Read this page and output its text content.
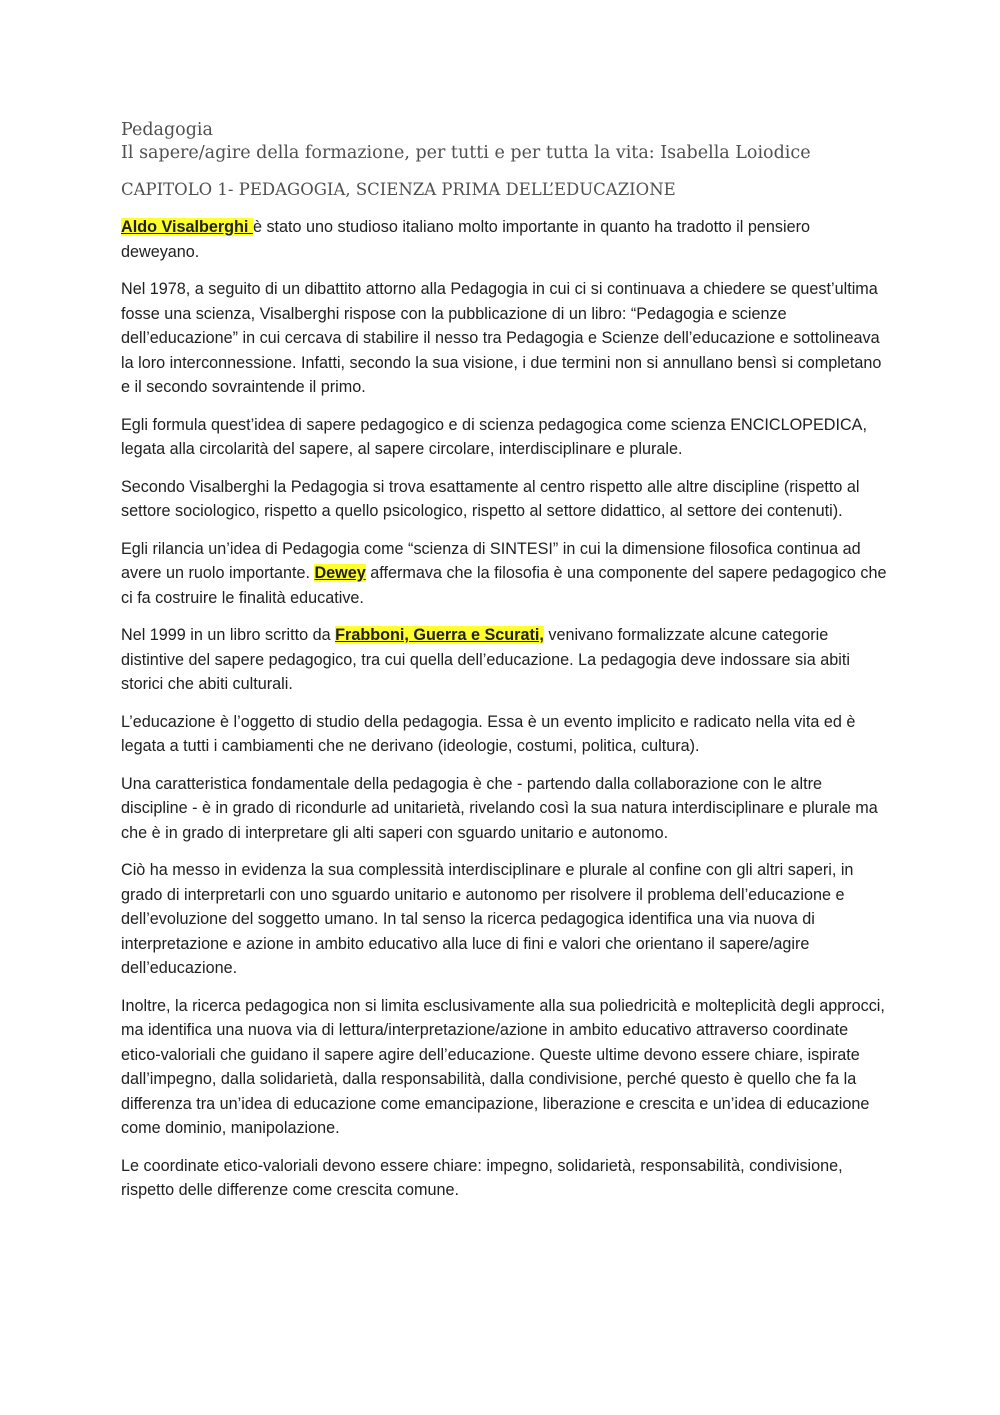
Pedagogia
Il sapere/agire della formazione, per tutti e per tutta la vita: Isabella Loiodice
CAPITOLO 1- PEDAGOGIA, SCIENZA PRIMA DELL’EDUCAZIONE

Aldo Visalberghi è stato uno studioso italiano molto importante in quanto ha tradotto il pensiero deweyano.

Nel 1978, a seguito di un dibattito attorno alla Pedagogia in cui ci si continuava a chiedere se quest’ultima fosse una scienza, Visalberghi rispose con la pubblicazione di un libro: “Pedagogia e scienze dell’educazione” in cui cercava di stabilire il nesso tra Pedagogia e Scienze dell’educazione e sottolineava la loro interconnessione. Infatti, secondo la sua visione, i due termini non si annullano bensì si completano e il secondo sovraintende il primo.

Egli formula quest’idea di sapere pedagogico e di scienza pedagogica come scienza ENCICLOPEDICA, legata alla circolarità del sapere, al sapere circolare, interdisciplinare e plurale.

Secondo Visalberghi la Pedagogia si trova esattamente al centro rispetto alle altre discipline (rispetto al settore sociologico, rispetto a quello psicologico, rispetto al settore didattico, al settore dei contenuti).

Egli rilancia un’idea di Pedagogia come “scienza di SINTESI” in cui la dimensione filosofica continua ad avere un ruolo importante. Dewey affermava che la filosofia è una componente del sapere pedagogico che ci fa costruire le finalità educative.

Nel 1999 in un libro scritto da Frabboni, Guerra e Scurati, venivano formalizzate alcune categorie distintive del sapere pedagogico, tra cui quella dell’educazione. La pedagogia deve indossare sia abiti storici che abiti culturali.

L’educazione è l’oggetto di studio della pedagogia. Essa è un evento implicito e radicato nella vita ed è legata a tutti i cambiamenti che ne derivano (ideologie, costumi, politica, cultura).

Una caratteristica fondamentale della pedagogia è che - partendo dalla collaborazione con le altre discipline - è in grado di ricondurle ad unitarietà, rivelando così la sua natura interdisciplinare e plurale ma che è in grado di interpretare gli alti saperi con sguardo unitario e autonomo.

Ciò ha messo in evidenza la sua complessità interdisciplinare e plurale al confine con gli altri saperi, in grado di interpretarli con uno sguardo unitario e autonomo per risolvere il problema dell’educazione e dell’evoluzione del soggetto umano. In tal senso la ricerca pedagogica identifica una via nuova di interpretazione e azione in ambito educativo alla luce di fini e valori che orientano il sapere/agire dell’educazione.

Inoltre, la ricerca pedagogica non si limita esclusivamente alla sua poliedricità e molteplicità degli approcci, ma identifica una nuova via di lettura/interpretazione/azione in ambito educativo attraverso coordinate etico-valoriali che guidano il sapere agire dell’educazione. Queste ultime devono essere chiare, ispirate dall’impegno, dalla solidarietà, dalla responsabilità, dalla condivisione, perché questo è quello che fa la differenza tra un’idea di educazione come emancipazione, liberazione e crescita e un’idea di educazione come dominio, manipolazione.

Le coordinate etico-valoriali devono essere chiare: impegno, solidarietà, responsabilità, condivisione, rispetto delle differenze come crescita comune.
